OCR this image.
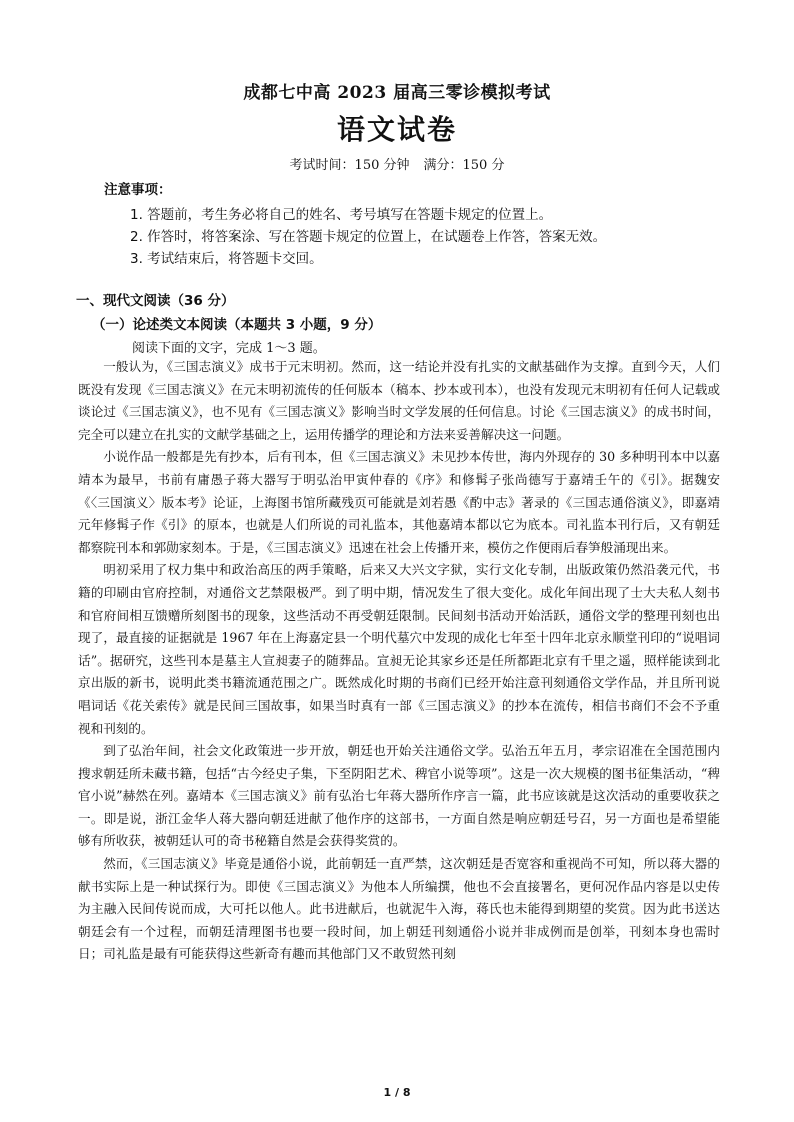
成都七中高 2023 届高三零诊模拟考试
语文试卷
考试时间：150 分钟 满分：150 分
注意事项：
1. 答题前，考生务必将自己的姓名、考号填写在答题卡规定的位置上。
2. 作答时，将答案涂、写在答题卡规定的位置上，在试题卷上作答，答案无效。
3. 考试结束后，将答题卡交回。
一、现代文阅读（36 分）
（一）论述类文本阅读（本题共 3 小题，9 分）
阅读下面的文字，完成 1～3 题。

一般认为，《三国志演义》成书于元末明初。然而，这一结论并没有扎实的文献基础作为支撑。直到今天，人们既没有发现《三国志演义》在元末明初流传的任何版本（稿本、抄本或刊本），也没有发现元末明初有任何人记载或谈论过《三国志演义》，也不见有《三国志演义》影响当时文学发展的任何信息。讨论《三国志演义》的成书时间，完全可以建立在扎实的文献学基础之上，运用传播学的理论和方法来妥善解决这一问题。

小说作品一般都是先有抄本，后有刊本，但《三国志演义》未见抄本传世，海内外现存的 30 多种明刊本中以嘉靖本为最早，书前有庸愚子蒋大器写于明弘治甲寅仲春的《序》和修髯子张尚德写于嘉靖壬午的《引》。据魏安《〈三国演义〉版本考》论证，上海图书馆所藏残页可能就是刘若愚《酌中志》著录的《三国志通俗演义》，即嘉靖元年修髯子作《引》的原本，也就是人们所说的司礼监本，其他嘉靖本都以它为底本。司礼监本刊行后，又有朝廷都察院刊本和郭勋家刻本。于是，《三国志演义》迅速在社会上传播开来，模仿之作便雨后春笋般涌现出来。

明初采用了权力集中和政治高压的两手策略，后来又大兴文字狱，实行文化专制，出版政策仍然沿袭元代，书籍的印刷由官府控制，对通俗文艺禁限极严。到了明中期，情况发生了很大变化。成化年间出现了士大夫私人刻书和官府间相互馈赠所刻图书的现象，这些活动不再受朝廷限制。民间刻书活动开始活跃，通俗文学的整理刊刻也出现了，最直接的证据就是 1967 年在上海嘉定县一个明代墓穴中发现的成化七年至十四年北京永顺堂刊印的“说唱词话”。据研究，这些刊本是墓主人宣昶妻子的随葬品。宣昶无论其家乡还是任所都距北京有千里之遥，照样能读到北京出版的新书，说明此类书籍流通范围之广。既然成化时期的书商们已经开始注意刊刻通俗文学作品，并且所刊说唱词话《花关索传》就是民间三国故事，如果当时真有一部《三国志演义》的抄本在流传，相信书商们不会不予重视和刊刻的。

到了弘治年间，社会文化政策进一步开放，朝廷也开始关注通俗文学。弘治五年五月，孝宗诏准在全国范围内搜求朝廷所未藏书籍，包括“古今经史子集，下至阴阳艺术、稗官小说等项”。这是一次大规模的图书征集活动，“稗官小说”赫然在列。嘉靖本《三国志演义》前有弘治七年蒋大器所作序言一篇，此书应该就是这次活动的重要收获之一。即是说，浙江金华人蒋大器向朝廷进献了他作序的这部书，一方面自然是响应朝廷号召，另一方面也是希望能够有所收获，被朝廷认可的奇书秘籍自然是会获得奖赏的。

然而，《三国志演义》毕竟是通俗小说，此前朝廷一直严禁，这次朝廷是否宽容和重视尚不可知，所以蒋大器的献书实际上是一种试探行为。即使《三国志演义》为他本人所编撰，他也不会直接署名，更何况作品内容是以史传为主融入民间传说而成，大可托以他人。此书进献后，也就泥牛入海，蒋氏也未能得到期望的奖赏。因为此书送达朝廷会有一个过程，而朝廷清理图书也要一段时间，加上朝廷刊刻通俗小说并非成例而是创举，刊刻本身也需时日；司礼监是最有可能获得这些新奇有趣而其他部门又不敢贸然刊刻

1 / 8
